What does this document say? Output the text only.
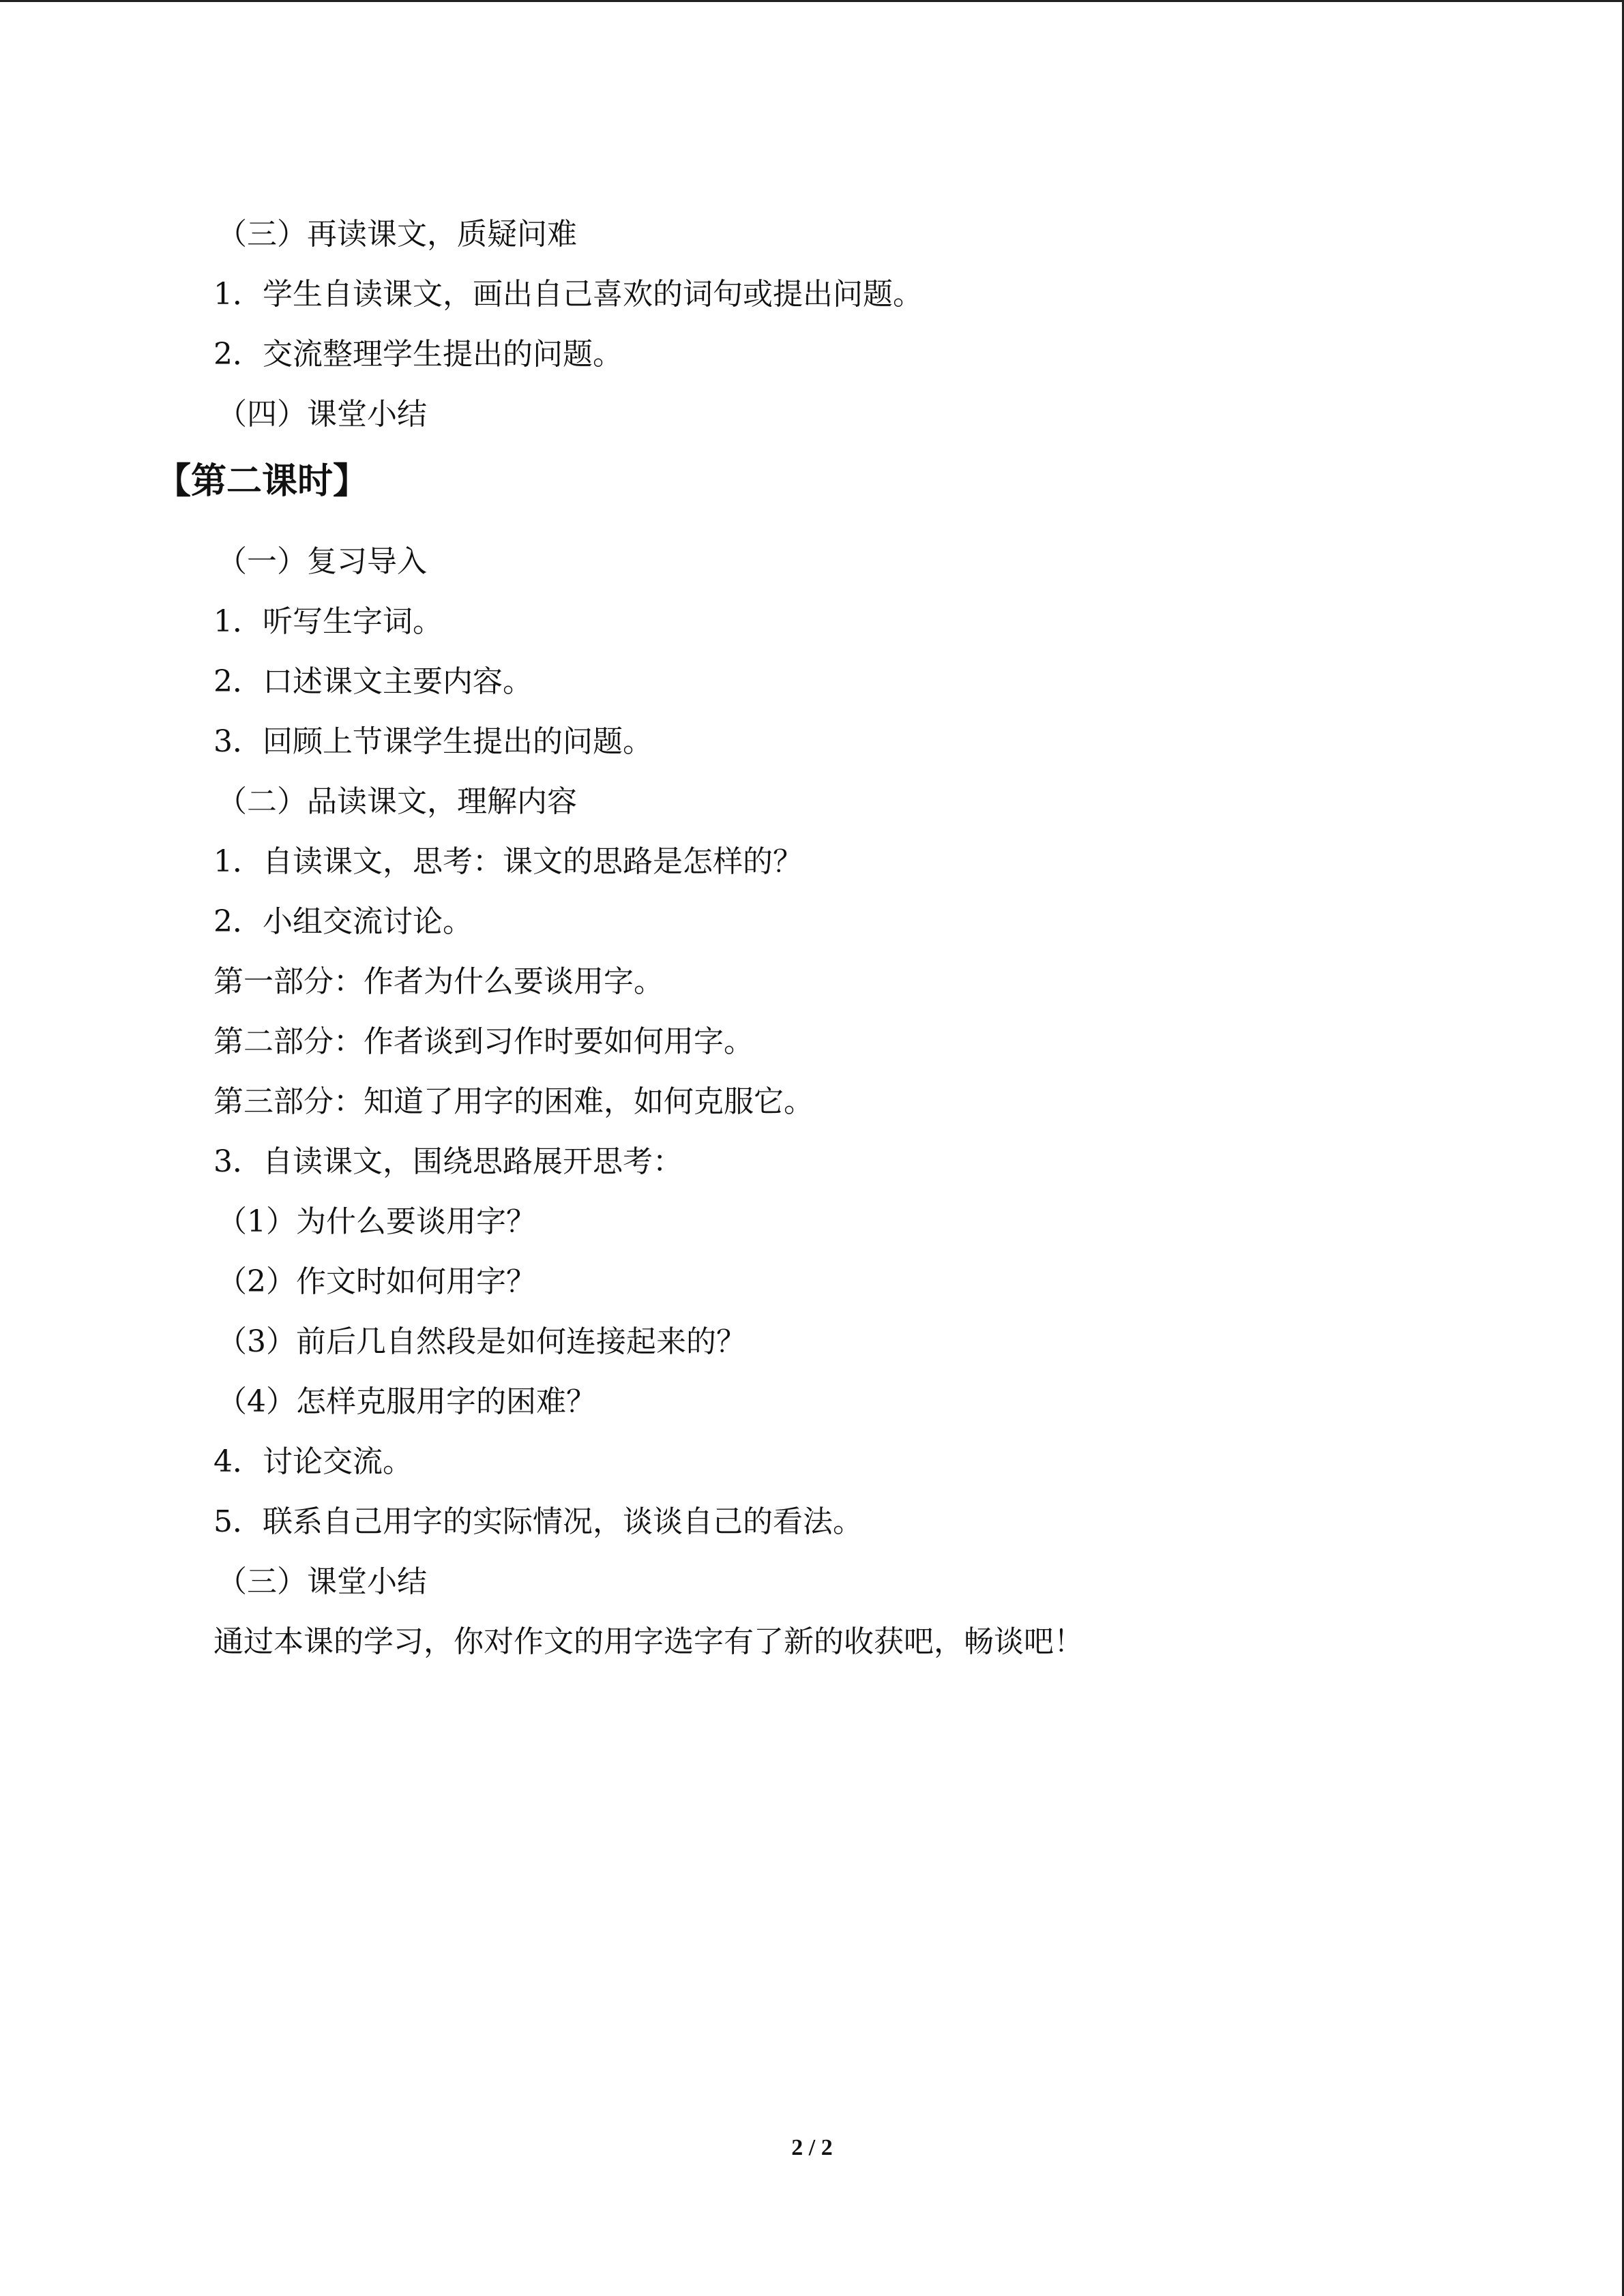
（三）再读课文，质疑问难
1．学生自读课文，画出自己喜欢的词句或提出问题。
2．交流整理学生提出的问题。
（四）课堂小结
【第二课时】
（一）复习导入
1．听写生字词。
2．口述课文主要内容。
3．回顾上节课学生提出的问题。
（二）品读课文，理解内容
1．自读课文，思考：课文的思路是怎样的？
2．小组交流讨论。
第一部分：作者为什么要谈用字。
第二部分：作者谈到习作时要如何用字。
第三部分：知道了用字的困难，如何克服它。
3．自读课文，围绕思路展开思考：
（1）为什么要谈用字？
（2）作文时如何用字？
（3）前后几自然段是如何连接起来的？
（4）怎样克服用字的困难？
4．讨论交流。
5．联系自己用字的实际情况，谈谈自己的看法。
（三）课堂小结
通过本课的学习，你对作文的用字选字有了新的收获吧，畅谈吧！
2 / 2
